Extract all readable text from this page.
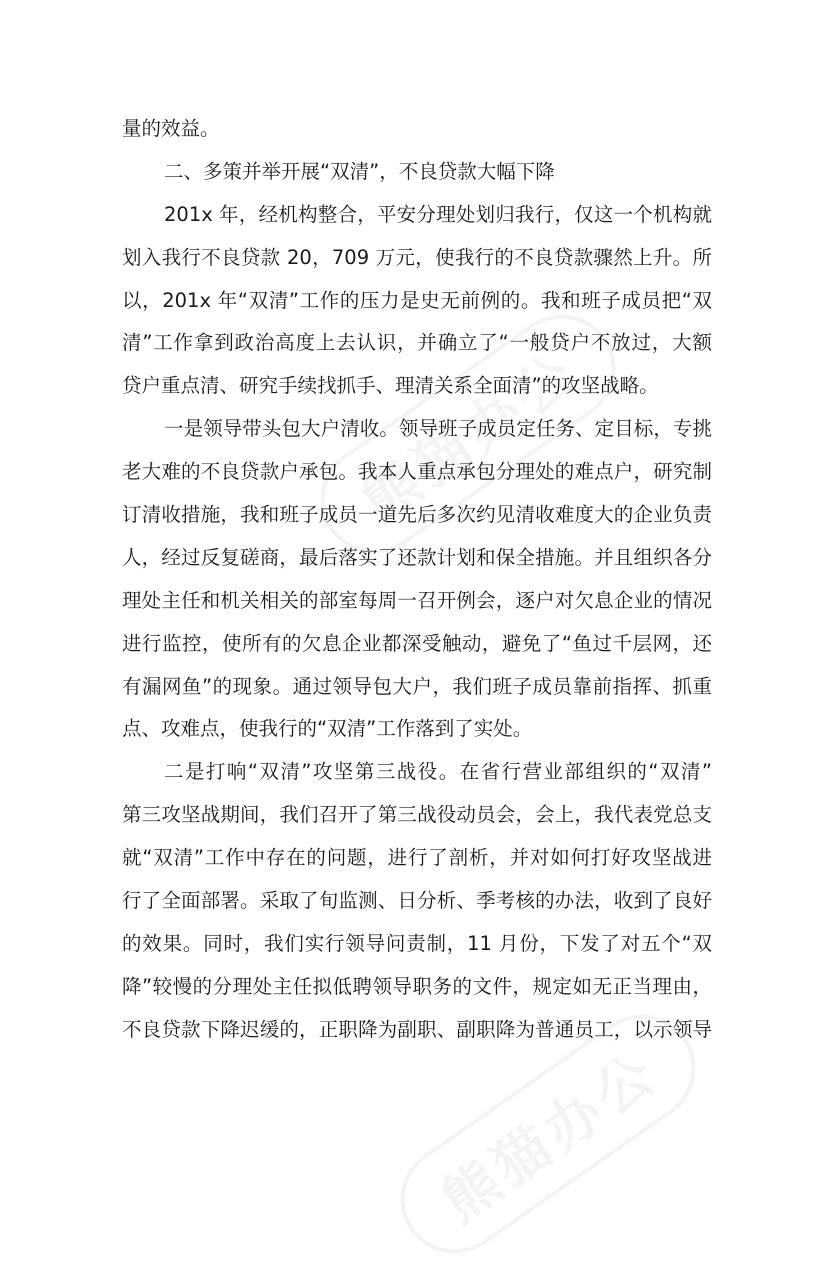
量的效益。
二、多策并举开展“双清”，不良贷款大幅下降
201x 年，经机构整合，平安分理处划归我行，仅这一个机构就
划入我行不良贷款 20，709 万元，使我行的不良贷款骤然上升。所
以，201x 年“双清”工作的压力是史无前例的。我和班子成员把“双
清”工作拿到政治高度上去认识，并确立了“一般贷户不放过，大额
贷户重点清、研究手续找抓手、理清关系全面清”的攻坚战略。
一是领导带头包大户清收。领导班子成员定任务、定目标，专挑
老大难的不良贷款户承包。我本人重点承包分理处的难点户，研究制
订清收措施，我和班子成员一道先后多次约见清收难度大的企业负责
人，经过反复磋商，最后落实了还款计划和保全措施。并且组织各分
理处主任和机关相关的部室每周一召开例会，逐户对欠息企业的情况
进行监控，使所有的欠息企业都深受触动，避免了“鱼过千层网，还
有漏网鱼”的现象。通过领导包大户，我们班子成员靠前指挥、抓重
点、攻难点，使我行的“双清”工作落到了实处。
二是打响“双清”攻坚第三战役。在省行营业部组织的“双清”
第三攻坚战期间，我们召开了第三战役动员会，会上，我代表党总支
就“双清”工作中存在的问题，进行了剖析，并对如何打好攻坚战进
行了全面部署。采取了旬监测、日分析、季考核的办法，收到了良好
的效果。同时，我们实行领导问责制，11 月份，下发了对五个“双
降”较慢的分理处主任拟低聘领导职务的文件，规定如无正当理由，
不良贷款下降迟缓的，正职降为副职、副职降为普通员工，以示领导
